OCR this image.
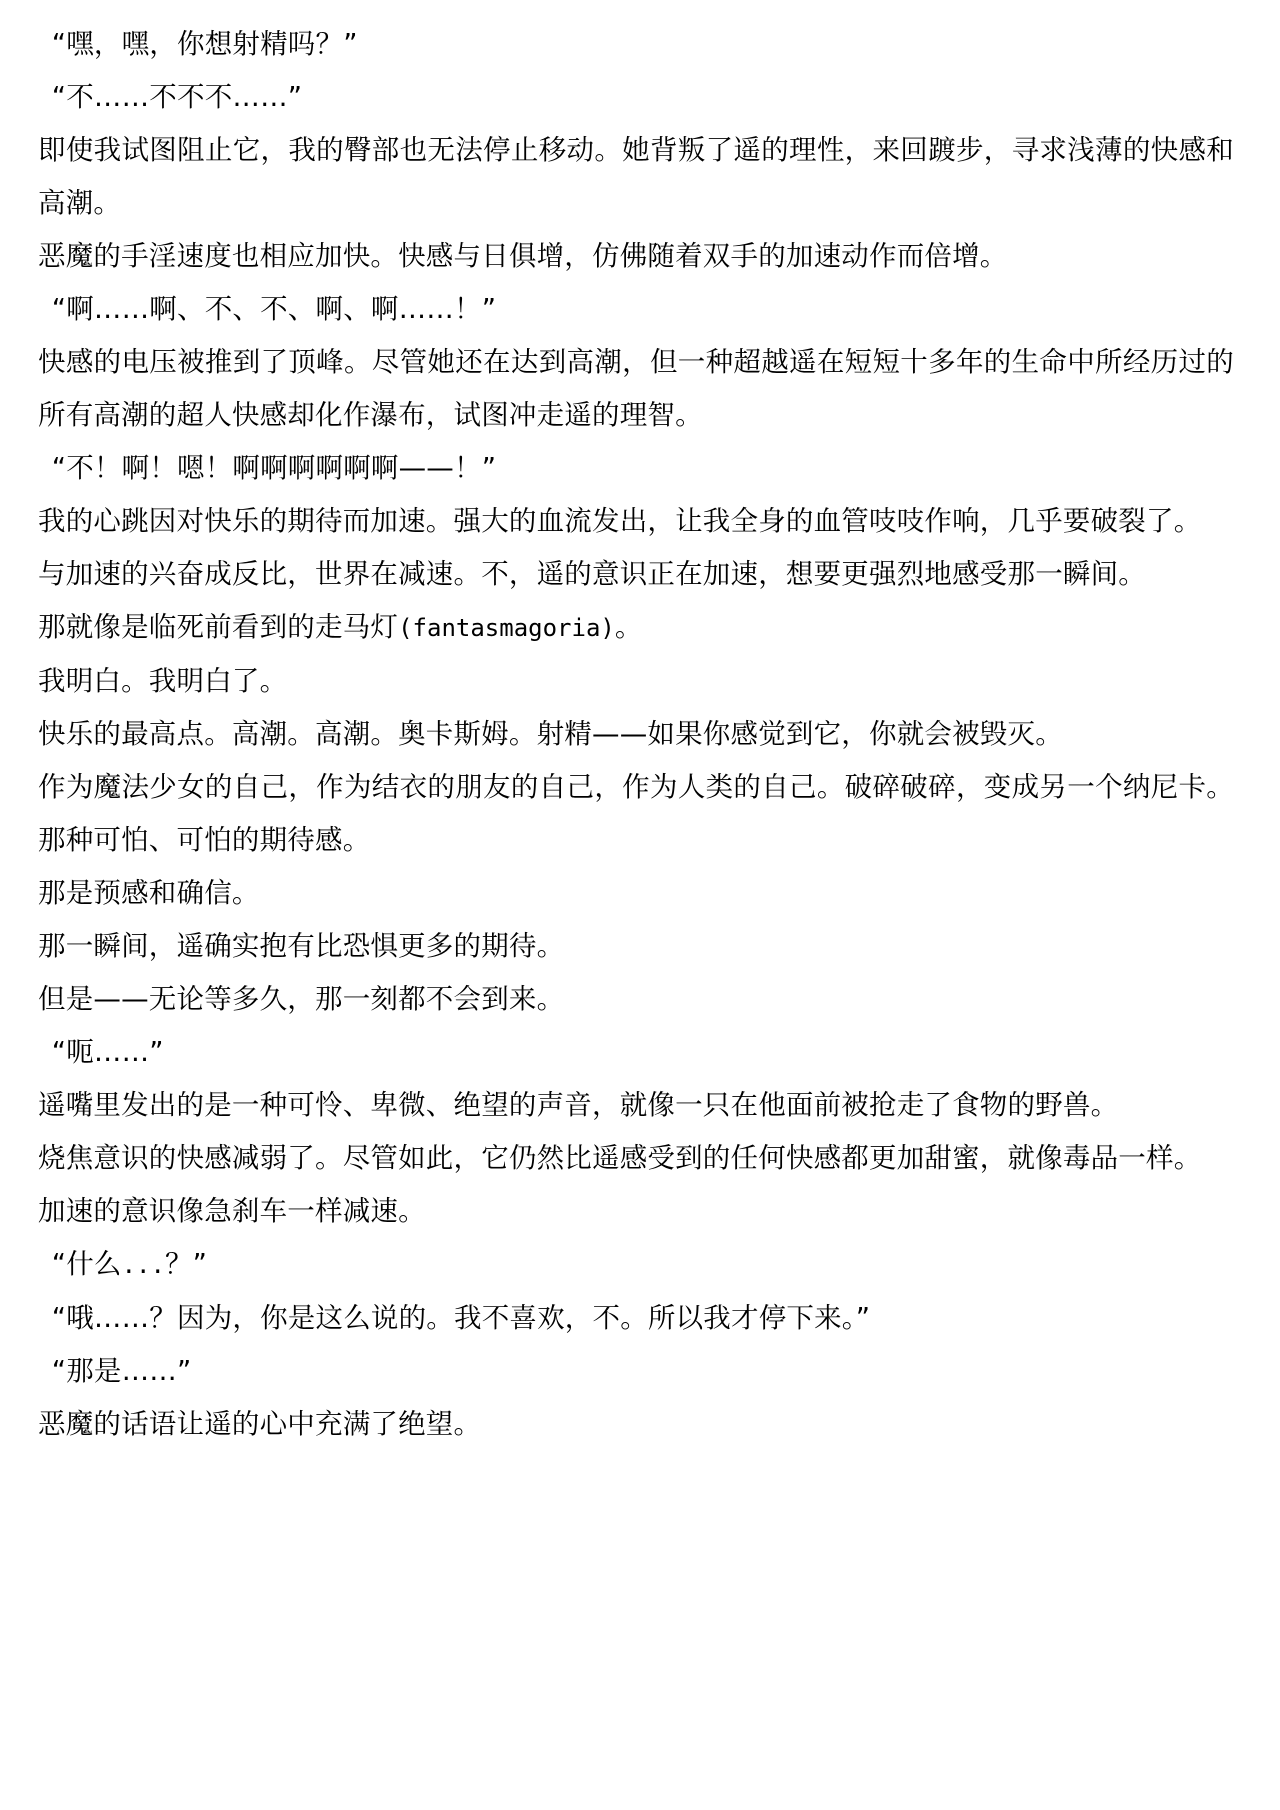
“嘿，嘿，你想射精吗？”

“不……不不不……”

即使我试图阻止它，我的臀部也无法停止移动。她背叛了遥的理性，来回踱步，寻求浅薄的快感和高潮。

恶魔的手淫速度也相应加快。快感与日俱增，仿佛随着双手的加速动作而倍增。

“啊……啊、不、不、啊、啊……！”

快感的电压被推到了顶峰。尽管她还在达到高潮，但一种超越遥在短短十多年的生命中所经历过的所有高潮的超人快感却化作瀑布，试图冲走遥的理智。

“不！啊！嗯！啊啊啊啊啊啊——！”

我的心跳因对快乐的期待而加速。强大的血流发出，让我全身的血管吱吱作响，几乎要破裂了。

与加速的兴奋成反比，世界在减速。不，遥的意识正在加速，想要更强烈地感受那一瞬间。

那就像是临死前看到的走马灯(fantasmagoria)。

我明白。我明白了。

快乐的最高点。高潮。高潮。奥卡斯姆。射精——如果你感觉到它，你就会被毁灭。

作为魔法少女的自己，作为结衣的朋友的自己，作为人类的自己。破碎破碎，变成另一个纳尼卡。那种可怕、可怕的期待感。

那是预感和确信。

那一瞬间，遥确实抱有比恐惧更多的期待。

但是——无论等多久，那一刻都不会到来。

“呃……”

遥嘴里发出的是一种可怜、卑微、绝望的声音，就像一只在他面前被抢走了食物的野兽。

烧焦意识的快感减弱了。尽管如此，它仍然比遥感受到的任何快感都更加甜蜜，就像毒品一样。

加速的意识像急刹车一样减速。

“什么...？”

“哦……？因为，你是这么说的。我不喜欢，不。所以我才停下来。”

“那是……”

恶魔的话语让遥的心中充满了绝望。
